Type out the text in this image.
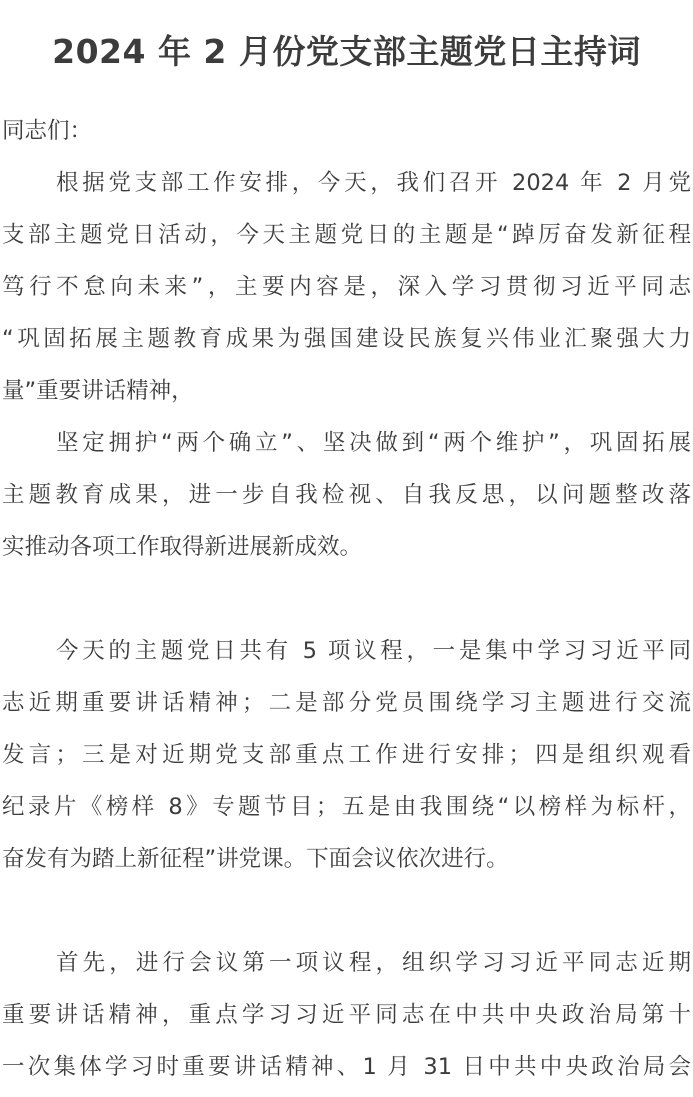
2024 年 2 月份党支部主题党日主持词
同志们：
根据党支部工作安排，今天，我们召开 2024 年 2 月党
支部主题党日活动，今天主题党日的主题是“踔厉奋发新征程
笃行不怠向未来”，主要内容是，深入学习贯彻习近平同志
“巩固拓展主题教育成果为强国建设民族复兴伟业汇聚强大力
量”重要讲话精神，
坚定拥护“两个确立”、坚决做到“两个维护”，巩固拓展
主题教育成果，进一步自我检视、自我反思，以问题整改落
实推动各项工作取得新进展新成效。
今天的主题党日共有 5 项议程，一是集中学习习近平同
志近期重要讲话精神；二是部分党员围绕学习主题进行交流
发言；三是对近期党支部重点工作进行安排；四是组织观看
纪录片《榜样 8》专题节目；五是由我围绕“以榜样为标杆，
奋发有为踏上新征程”讲党课。下面会议依次进行。
首先，进行会议第一项议程，组织学习习近平同志近期
重要讲话精神，重点学习习近平同志在中共中央政治局第十
一次集体学习时重要讲话精神、1 月 31 日中共中央政治局会
